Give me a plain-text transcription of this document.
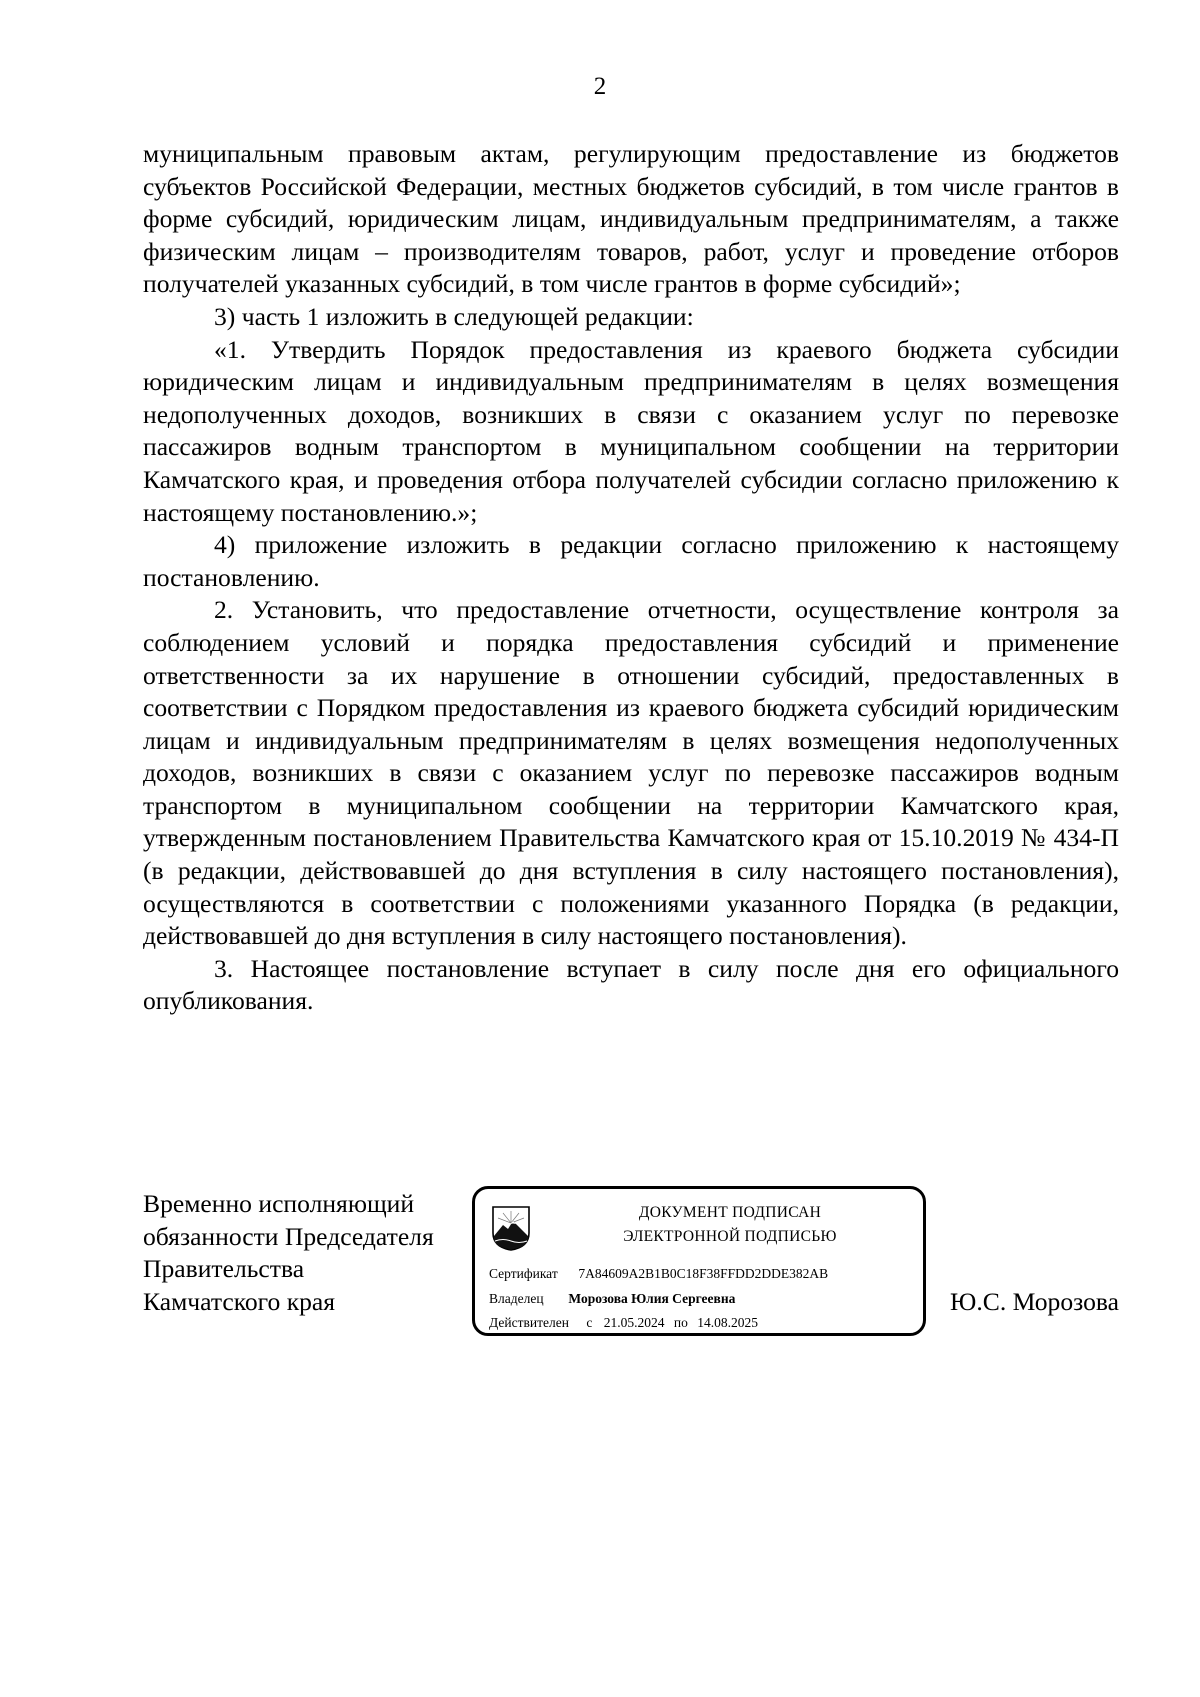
2

муниципальным правовым актам, регулирующим предоставление из бюджетов субъектов Российской Федерации, местных бюджетов субсидий, в том числе грантов в форме субсидий, юридическим лицам, индивидуальным предпринимателям, а также физическим лицам – производителям товаров, работ, услуг и проведение отборов получателей указанных субсидий, в том числе грантов в форме субсидий»;

3) часть 1 изложить в следующей редакции:

«1. Утвердить Порядок предоставления из краевого бюджета субсидии юридическим лицам и индивидуальным предпринимателям в целях возмещения недополученных доходов, возникших в связи с оказанием услуг по перевозке пассажиров водным транспортом в муниципальном сообщении на территории Камчатского края, и проведения отбора получателей субсидии согласно приложению к настоящему постановлению.»;

4) приложение изложить в редакции согласно приложению к настоящему постановлению.

2. Установить, что предоставление отчетности, осуществление контроля за соблюдением условий и порядка предоставления субсидий и применение ответственности за их нарушение в отношении субсидий, предоставленных в соответствии с Порядком предоставления из краевого бюджета субсидий юридическим лицам и индивидуальным предпринимателям в целях возмещения недополученных доходов, возникших в связи с оказанием услуг по перевозке пассажиров водным транспортом в муниципальном сообщении на территории Камчатского края, утвержденным постановлением Правительства Камчатского края от 15.10.2019 № 434-П (в редакции, действовавшей до дня вступления в силу настоящего постановления), осуществляются в соответствии с положениями указанного Порядка (в редакции, действовавшей до дня вступления в силу настоящего постановления).

3. Настоящее постановление вступает в силу после дня его официального опубликования.

Временно исполняющий
обязанности Председателя
Правительства
Камчатского края
ДОКУМЕНТ ПОДПИСАН
ЭЛЕКТРОННОЙ ПОДПИСЬЮ
Сертификат 7A84609A2B1B0C18F38FFDD2DDE382AB
Владелец Морозова Юлия Сергеевна
Действителен с 21.05.2024 по 14.08.2025
Ю.С. Морозова
